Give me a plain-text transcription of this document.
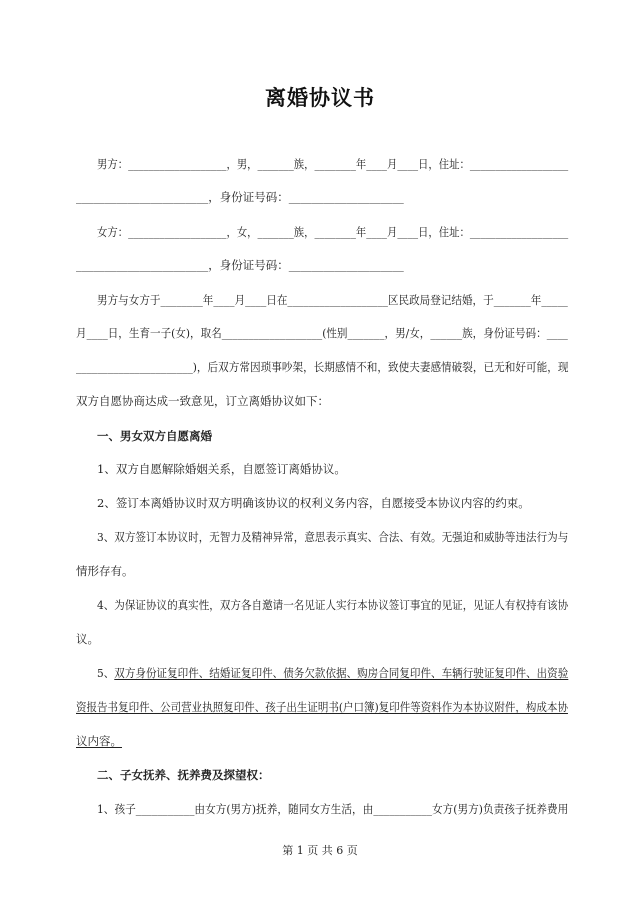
离婚协议书
男方：___________________，男，_______族，________年____月____日，住址：___________________
_______________________，身份证号码：____________________
女方：___________________，女，_______族，________年____月____日，住址：___________________
_______________________，身份证号码：____________________
男方与女方于________年____月____日在___________________区民政局登记结婚，于_______年_____
月____日，生育一子(女)，取名___________________(性别_______，男/女，______族，身份证号码：____
______________________)，后双方常因琐事吵架，长期感情不和，致使夫妻感情破裂，已无和好可能，现
双方自愿协商达成一致意见，订立离婚协议如下：
一、男女双方自愿离婚
1、双方自愿解除婚姻关系，自愿签订离婚协议。
2、签订本离婚协议时双方明确该协议的权利义务内容，自愿接受本协议内容的约束。
3、双方签订本协议时，无智力及精神异常，意思表示真实、合法、有效。无强迫和威胁等违法行为与
情形存有。
4、为保证协议的真实性，双方各自邀请一名见证人实行本协议签订事宜的见证，见证人有权持有该协
议。
5、双方身份证复印件、结婚证复印件、债务欠款依据、购房合同复印件、车辆行驶证复印件、出资验
资报告书复印件、公司营业执照复印件、孩子出生证明书(户口簿)复印件等资料作为本协议附件，构成本协
议内容。
二、子女抚养、抚养费及探望权：
1、孩子___________由女方(男方)抚养，随同女方生活，由___________女方(男方)负责孩子抚养费用
第 1 页 共 6 页
